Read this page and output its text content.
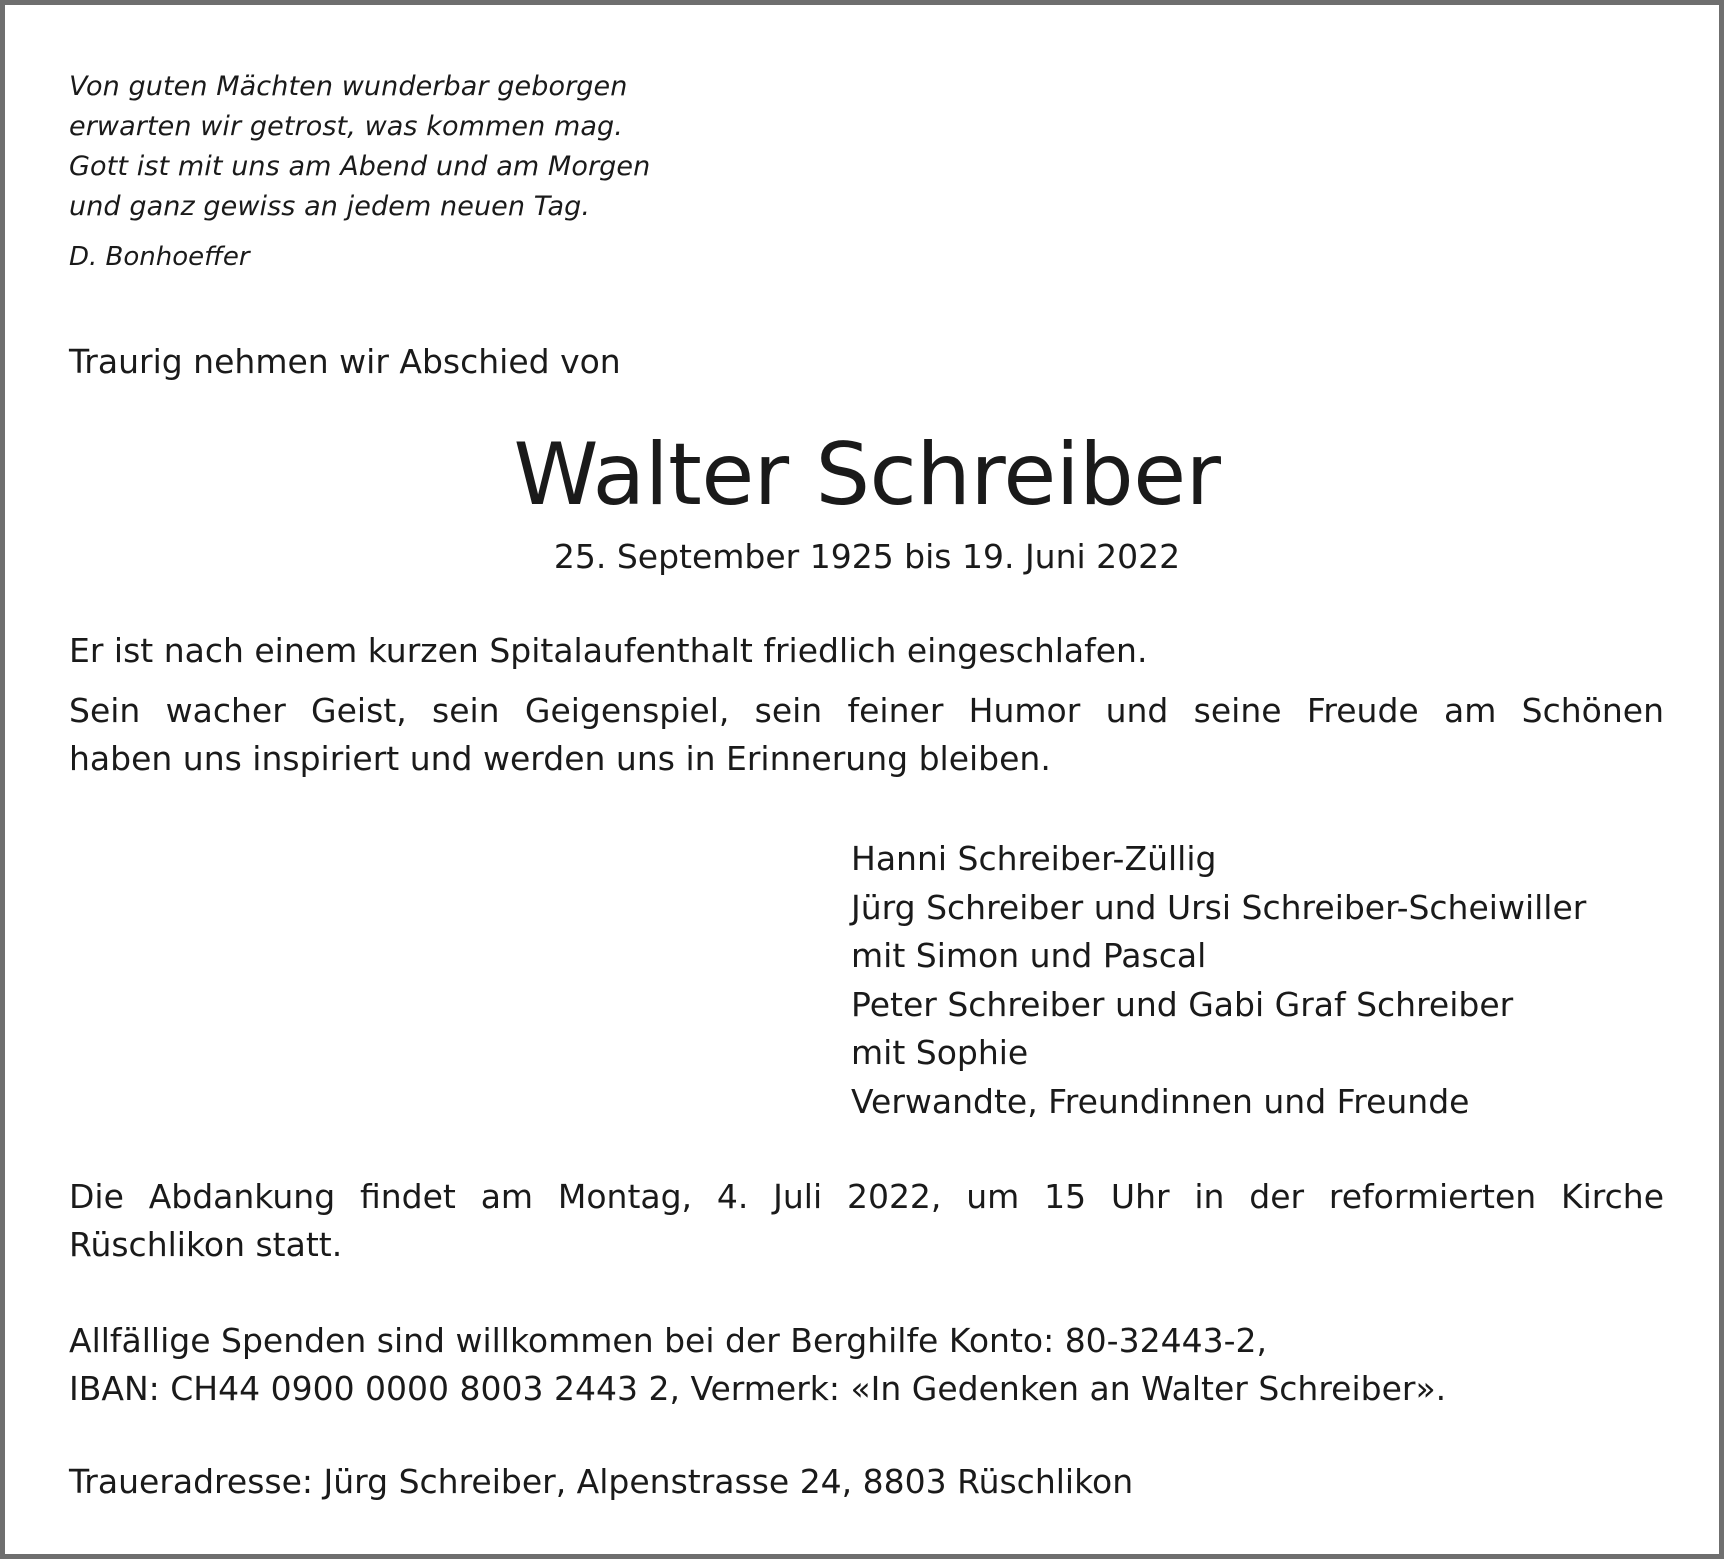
Von guten Mächten wunderbar geborgen
erwarten wir getrost, was kommen mag.
Gott ist mit uns am Abend und am Morgen
und ganz gewiss an jedem neuen Tag.
D. Bonhoeffer
Traurig nehmen wir Abschied von
Walter Schreiber
25. September 1925 bis 19. Juni 2022
Er ist nach einem kurzen Spitalaufenthalt friedlich eingeschlafen.
Sein wacher Geist, sein Geigenspiel, sein feiner Humor und seine Freude am Schönen
haben uns inspiriert und werden uns in Erinnerung bleiben.
Hanni Schreiber-Züllig
Jürg Schreiber und Ursi Schreiber-Scheiwiller
mit Simon und Pascal
Peter Schreiber und Gabi Graf Schreiber
mit Sophie
Verwandte, Freundinnen und Freunde
Die Abdankung findet am Montag, 4. Juli 2022, um 15 Uhr in der reformierten Kirche
Rüschlikon statt.
Allfällige Spenden sind willkommen bei der Berghilfe Konto: 80-32443-2,
IBAN: CH44 0900 0000 8003 2443 2, Vermerk: «In Gedenken an Walter Schreiber».
Traueradresse: Jürg Schreiber, Alpenstrasse 24, 8803 Rüschlikon
